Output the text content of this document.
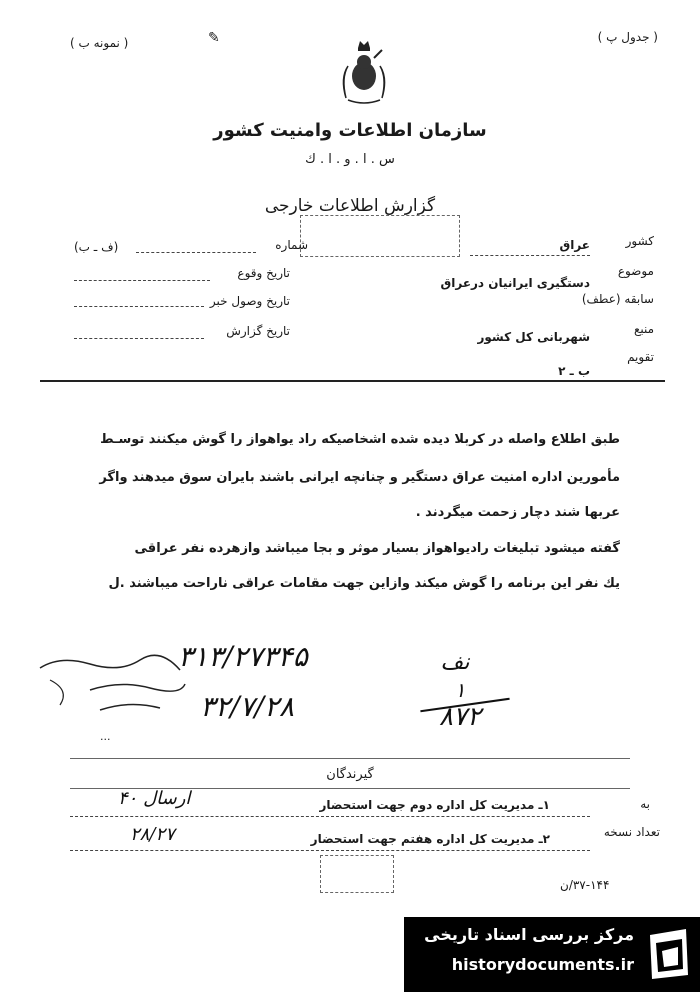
( نمونه ب )	( جدول پ )
✎
سازمان اطلاعات وامنیت کشور
س . ا . و . ا . ك
گزارش اطلاعات خارجی
کشور
عراق
شماره
(ف ـ ب)
موضوع
دستگیری ایرانیان درعراق
تاریخ وقوع
سابقه (عطف)
تاریخ وصول خبر
منبع
شهربانی کل کشور
تاریخ گزارش
تقویم
ب ـ ۲
طبق اطلاع واصله در کربلا دیده شده اشخاصیکه راد یواهواز را گوش میکنند توسـط
مأمورین اداره امنیت عراق دستگیر و چنانچه ایرانی باشند بایران سوق میدهند واگر
عربها شند دچار زحمت میگردند .
گفته میشود تبلیغات رادیواهواز بسیار موثر و بجا میباشد وازهرده نفر عراقی
یك نفر این برنامه را گوش میکند وازاین جهت مقامات عراقی ناراحت میباشند .ل
۳۱۳/۲۷۳۴۵
۳۲/۷/۲۸
نف
۱
۸۷۲
...
گیرندگان
به
۱ـ مدیریت کل اداره دوم جهت استحضار
تعداد نسخه
۲ـ مدیریت کل اداره هفتم جهت استحضار
ارسال ۴۰
۲۸/۲۷
۳۷-۱۴۴/ن
مرکز بررسی اسناد تاریخی
historydocuments.ir
